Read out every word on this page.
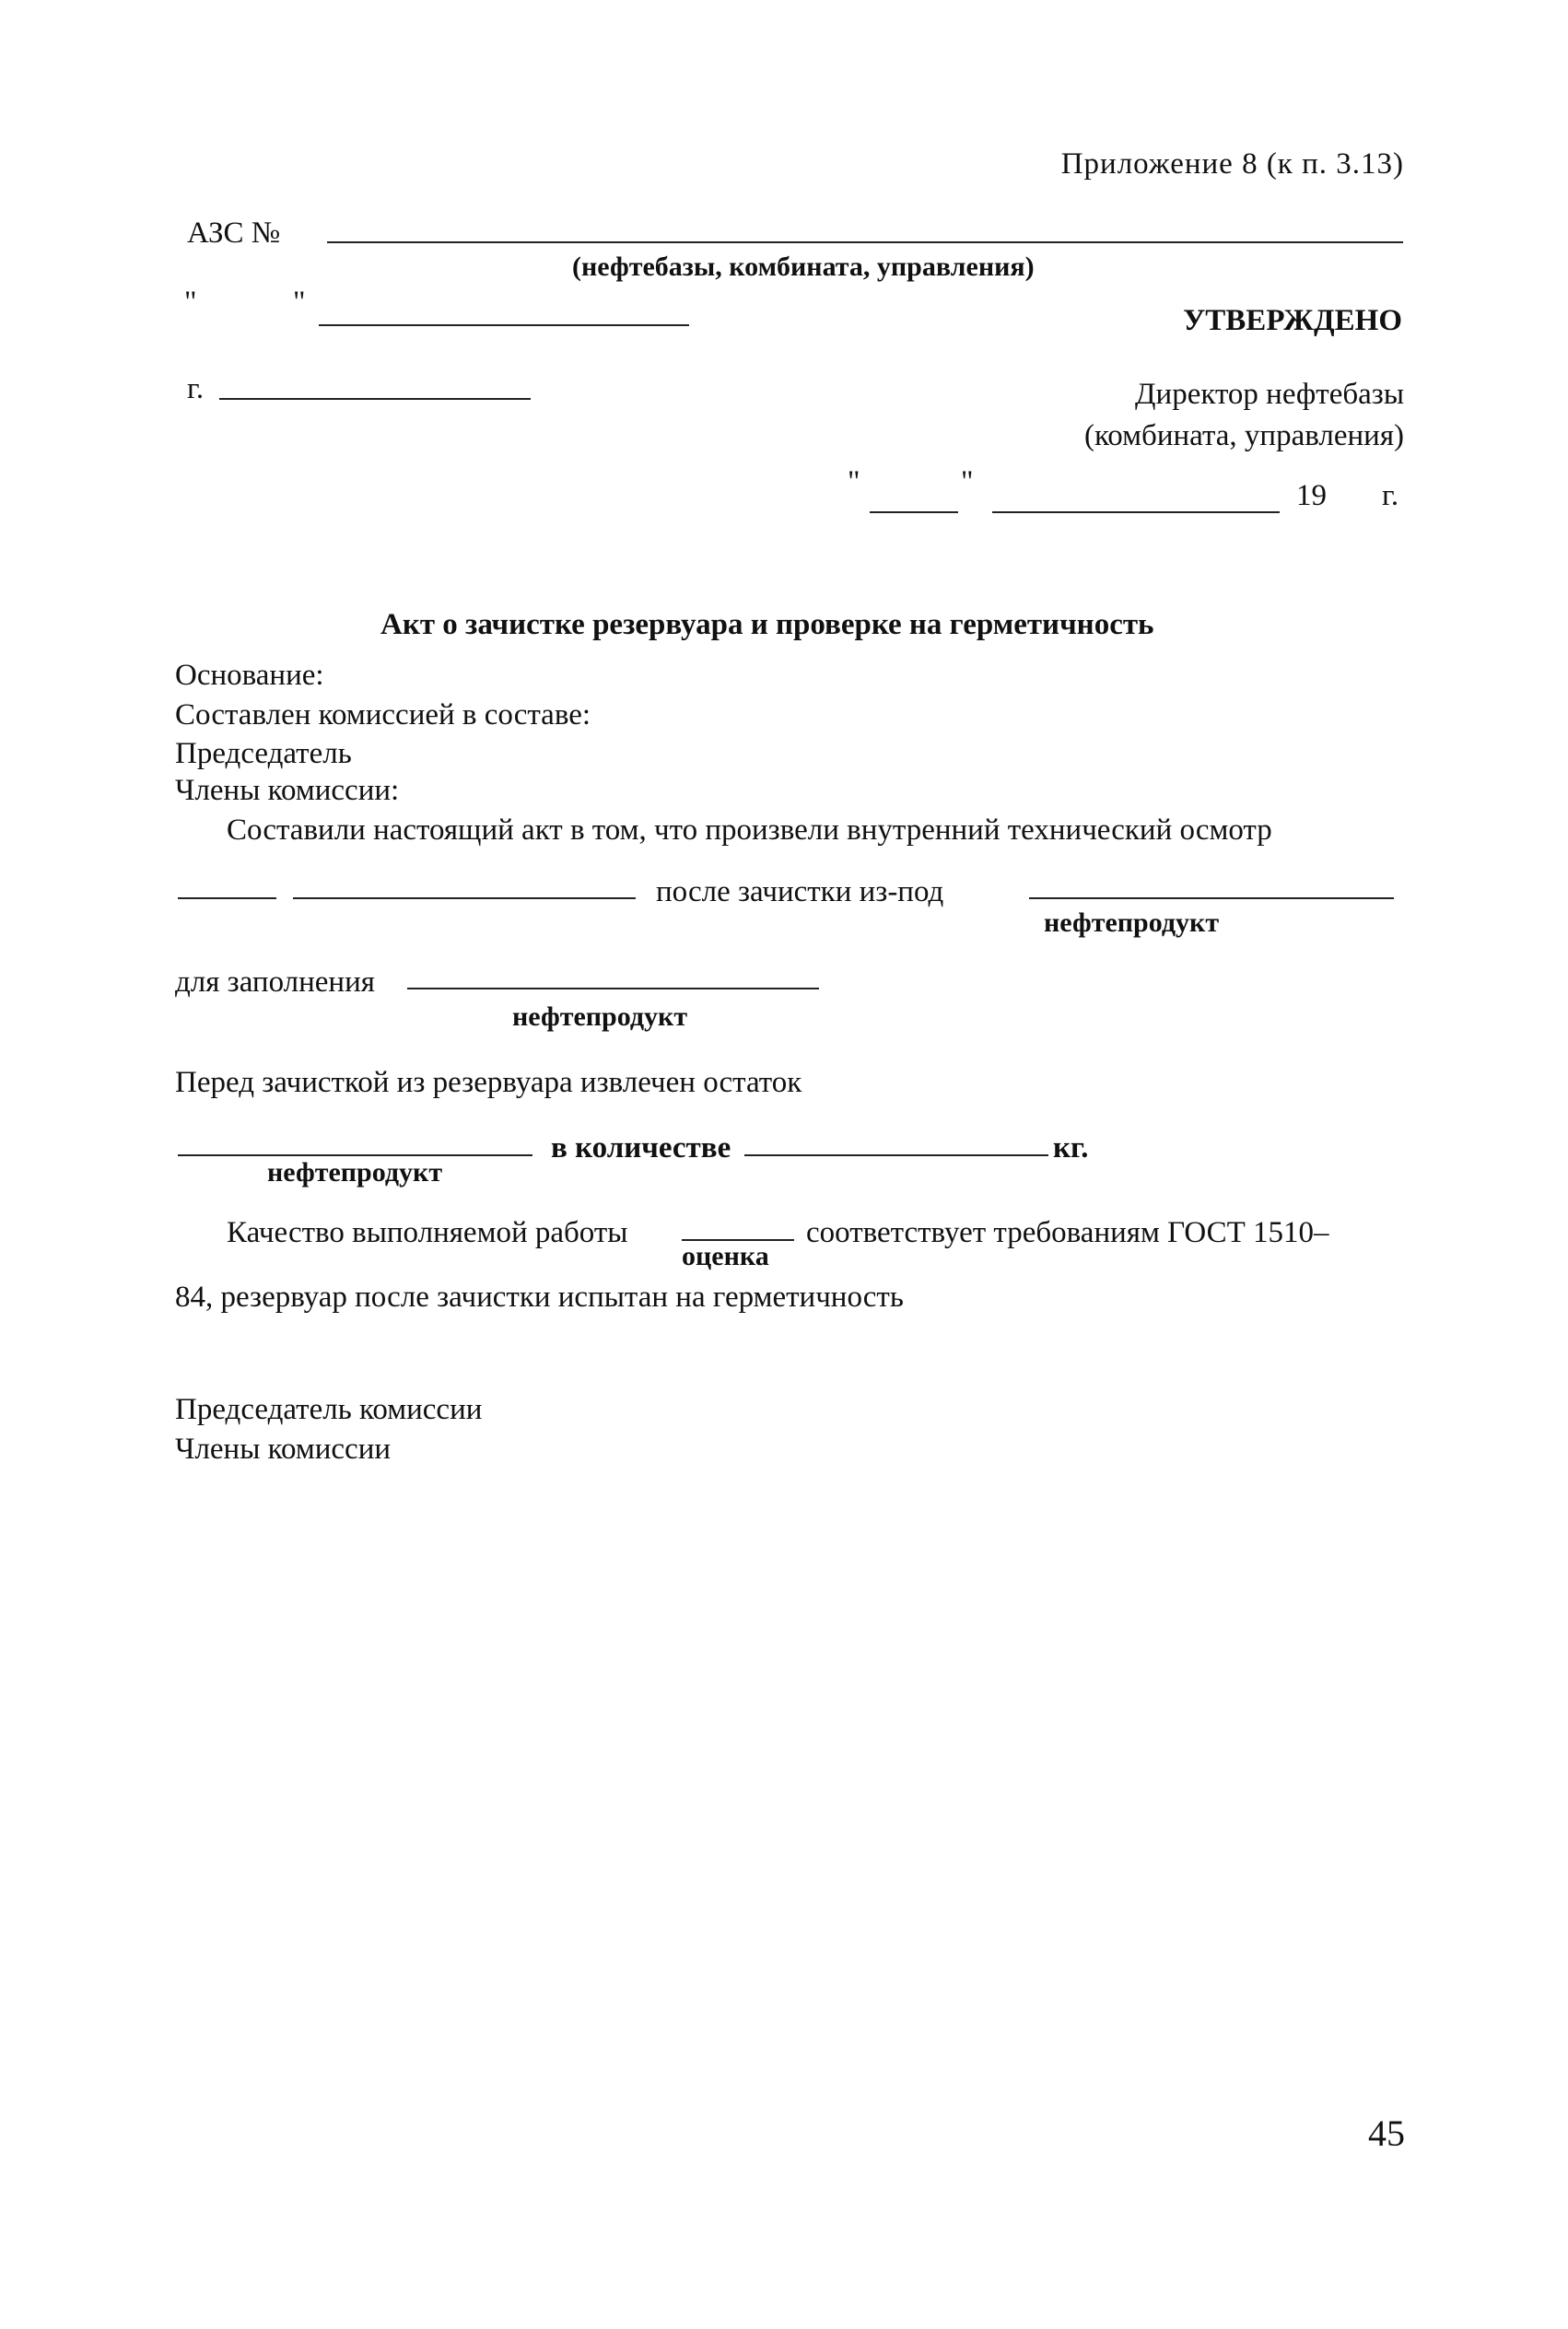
Приложение 8 (к п. 3.13)
АЗС №
(нефтебазы, комбината, управления)
"	"
УТВЕРЖДЕНО
г.	Директор нефтебазы
(комбината, управления)
"	"	19 г.
Акт о зачистке резервуара и проверке на герметичность
Основание:
Составлен комиссией в составе:
Председатель
Члены комиссии:
Составили настоящий акт в том, что произвели внутренний технический осмотр
после зачистки из-под
нефтепродукт
для заполнения
нефтепродукт
Перед зачисткой из резервуара извлечен остаток
в количестве	кг.
нефтепродукт
Качество выполняемой работы	соответствует требованиям ГОСТ 1510–
оценка
84, резервуар после зачистки испытан на герметичность
Председатель комиссии
Члены комиссии
45
